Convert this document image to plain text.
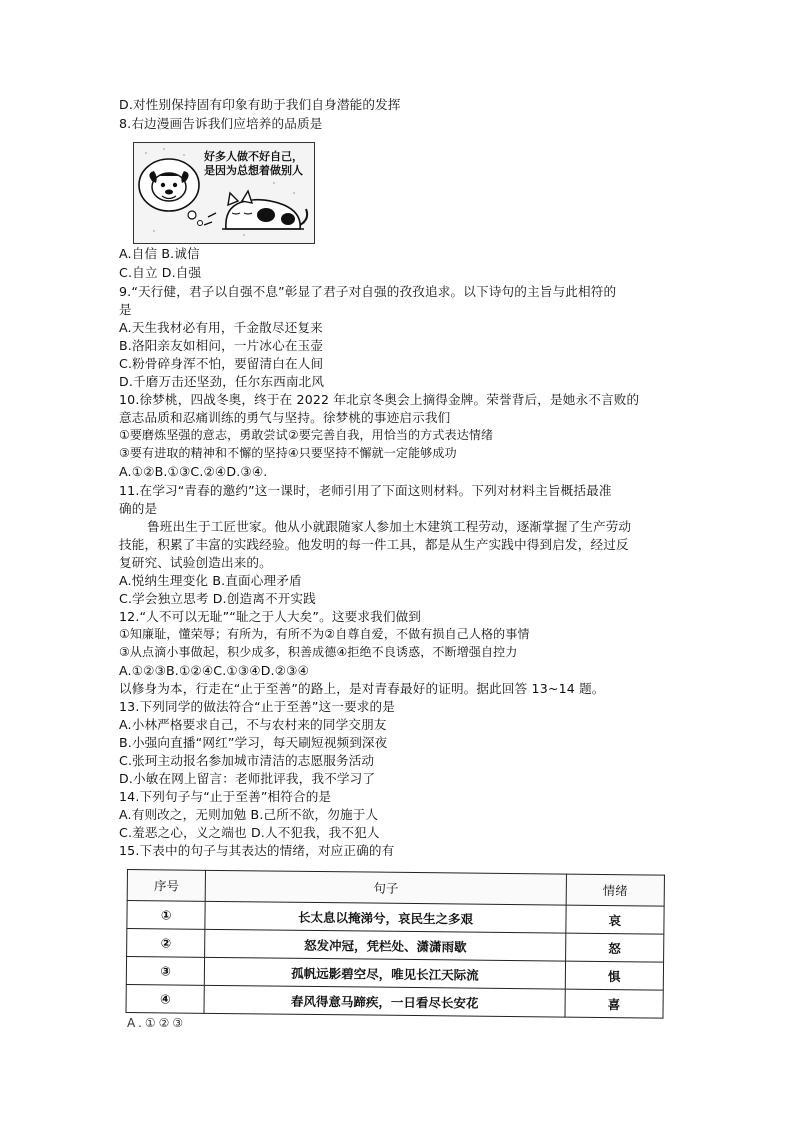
D.对性别保持固有印象有助于我们自身潜能的发挥
8.右边漫画告诉我们应培养的品质是
好多人做不好自己，
是因为总想着做别人
A.自信 B.诚信
C.自立 D.自强
9.“天行健，君子以自强不息”彰显了君子对自强的孜孜追求。以下诗句的主旨与此相符的
是
A.天生我材必有用，千金散尽还复来
B.洛阳亲友如相问，一片冰心在玉壶
C.粉骨碎身浑不怕，要留清白在人间
D.千磨万击还坚劲，任尔东西南北风
10.徐梦桃，四战冬奥，终于在 2022 年北京冬奥会上摘得金牌。荣誉背后，是她永不言败的
意志品质和忍痛训练的勇气与坚持。徐梦桃的事迹启示我们
①要磨炼坚强的意志，勇敢尝试②要完善自我，用恰当的方式表达情绪
③要有进取的精神和不懈的坚持④只要坚持不懈就一定能够成功
A.①②B.①③C.②④D.③④.
11.在学习“青春的邀约”这一课时，老师引用了下面这则材料。下列对材料主旨概括最准
确的是
鲁班出生于工匠世家。他从小就跟随家人参加土木建筑工程劳动，逐渐掌握了生产劳动
技能，积累了丰富的实践经验。他发明的每一件工具，都是从生产实践中得到启发，经过反
复研究、试验创造出来的。
A.悦纳生理变化 B.直面心理矛盾
C.学会独立思考 D.创造离不开实践
12.“人不可以无耻”“耻之于人大矣”。这要求我们做到
①知廉耻，懂荣辱；有所为，有所不为②自尊自爱，不做有损自己人格的事情
③从点滴小事做起，积少成多，积善成德④拒绝不良诱惑，不断增强自控力
A.①②③B.①②④C.①③④D.②③④
以修身为本，行走在“止于至善”的路上，是对青春最好的证明。据此回答 13~14 题。
13.下列同学的做法符合“止于至善”这一要求的是
A.小林严格要求自己，不与农村来的同学交朋友
B.小强向直播“网红”学习，每天刷短视频到深夜
C.张珂主动报名参加城市清洁的志愿服务活动
D.小敏在网上留言：老师批评我，我不学习了
14.下列句子与“止于至善”相符合的是
A.有则改之，无则加勉 B.己所不欲，勿施于人
C.羞恶之心，义之端也 D.人不犯我，我不犯人
15.下表中的句子与其表达的情绪，对应正确的有
序号	句子	情绪
①	长太息以掩涕兮，哀民生之多艰	哀
②	怒发冲冠，凭栏处、潇潇雨歇	怒
③	孤帆远影碧空尽，唯见长江天际流	惧
④	春风得意马蹄疾，一日看尽长安花	喜
A.①②③
